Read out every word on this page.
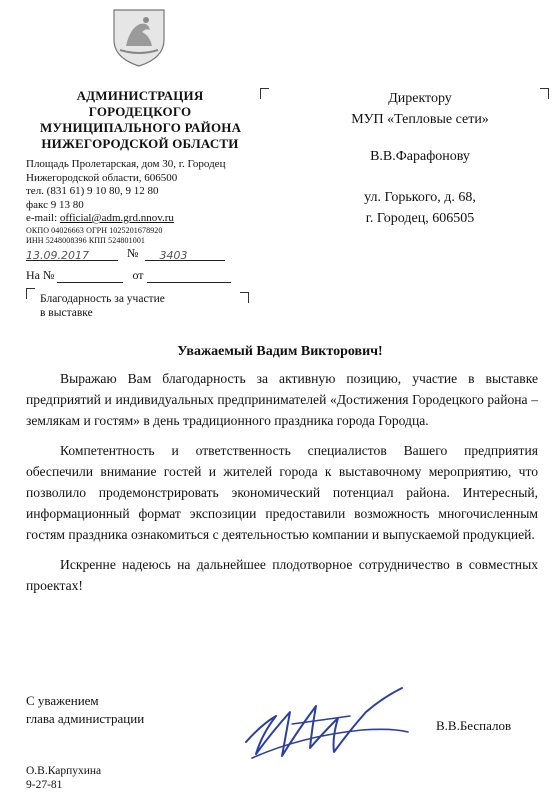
АДМИНИСТРАЦИЯ
ГОРОДЕЦКОГО
МУНИЦИПАЛЬНОГО РАЙОНА
НИЖЕГОРОДСКОЙ ОБЛАСТИ
Площадь Пролетарская, дом 30, г. Городец
Нижегородской области, 606500
тел. (831 61) 9 10 80, 9 12 80
факс 9 13 80
e-mail: official@adm.grd.nnov.ru
ОКПО 04026663 ОГРН 1025201678920
ИНН 5248008396 КПП 524801001
13.09.2017	№ 3403
На №	от
Директору
МУП «Тепловые сети»
В.В.Фарафонову
ул. Горького, д. 68,
г. Городец, 606505
Благодарность за участие
в выставке
Уважаемый Вадим Викторович!

Выражаю Вам благодарность за активную позицию, участие в выставке предприятий и индивидуальных предпринимателей «Достижения Городецкого района – землякам и гостям» в день традиционного праздника города Городца.

Компетентность и ответственность специалистов Вашего предприятия обеспечили внимание гостей и жителей города к выставочному мероприятию, что позволило продемонстрировать экономический потенциал района. Интересный, информационный формат экспозиции предоставили возможность многочисленным гостям праздника ознакомиться с деятельностью компании и выпускаемой продукцией.

Искренне надеюсь на дальнейшее плодотворное сотрудничество в совместных проектах!

С уважением
глава администрации	В.В.Беспалов
О.В.Карпухина
9-27-81
